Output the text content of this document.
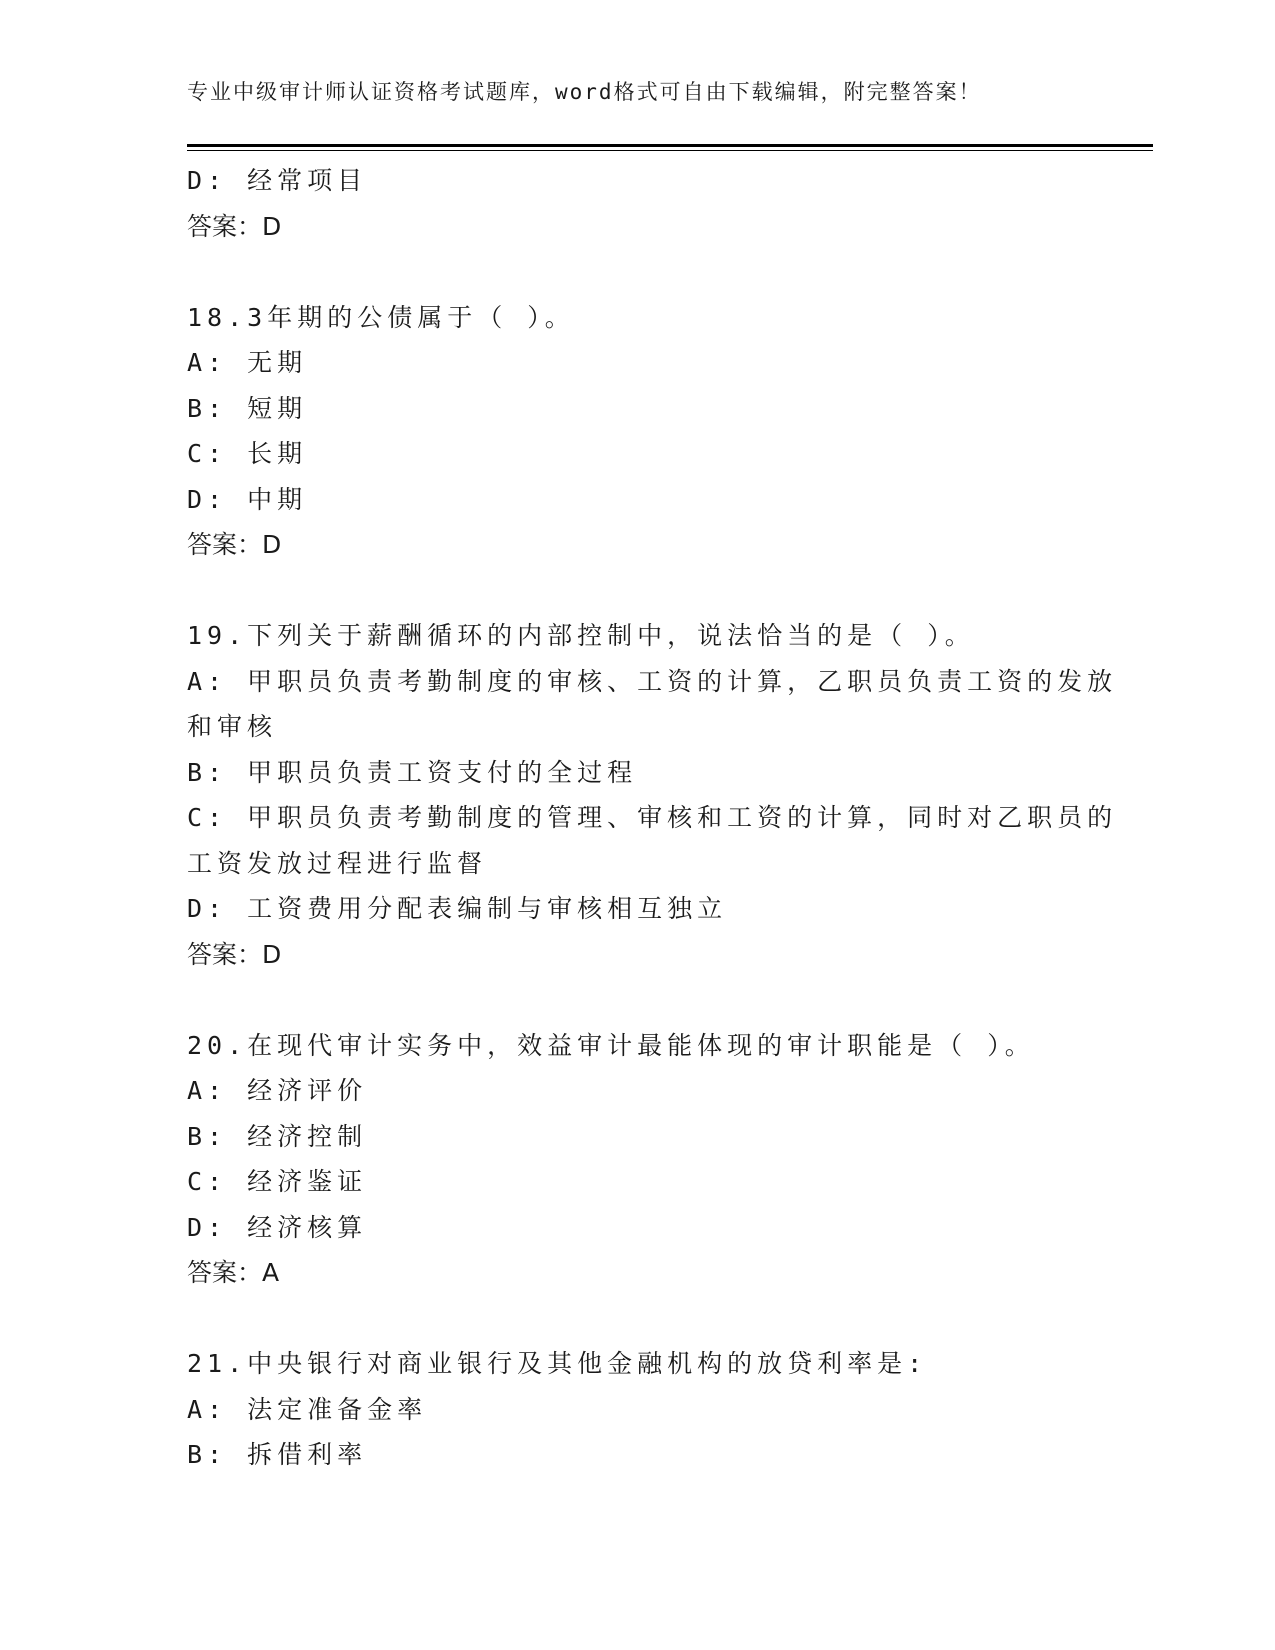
专业中级审计师认证资格考试题库，word格式可自由下载编辑，附完整答案！
D: 经常项目
答案：D
18.3年期的公债属于（ ）。
A: 无期
B: 短期
C: 长期
D: 中期
答案：D
19.下列关于薪酬循环的内部控制中，说法恰当的是（ ）。
A: 甲职员负责考勤制度的审核、工资的计算，乙职员负责工资的发放
和审核
B: 甲职员负责工资支付的全过程
C: 甲职员负责考勤制度的管理、审核和工资的计算，同时对乙职员的
工资发放过程进行监督
D: 工资费用分配表编制与审核相互独立
答案：D
20.在现代审计实务中，效益审计最能体现的审计职能是（ ）。
A: 经济评价
B: 经济控制
C: 经济鉴证
D: 经济核算
答案：A
21.中央银行对商业银行及其他金融机构的放贷利率是:
A: 法定准备金率
B: 拆借利率
